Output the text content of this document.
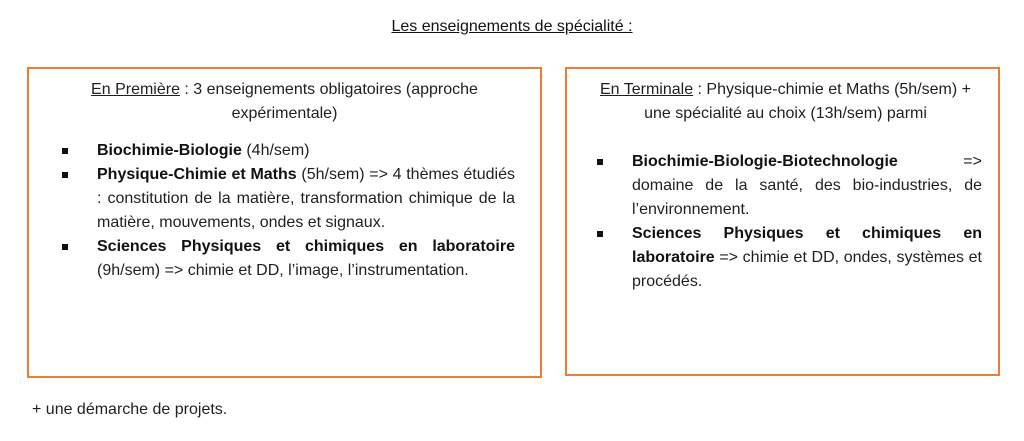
Les enseignements de spécialité :

En Première : 3 enseignements obligatoires (approche expérimentale)

Biochimie-Biologie (4h/sem)
Physique-Chimie et Maths (5h/sem) => 4 thèmes étudiés : constitution de la matière, transformation chimique de la matière, mouvements, ondes et signaux.
Sciences Physiques et chimiques en laboratoire (9h/sem) => chimie et DD, l’image, l’instrumentation.

En Terminale : Physique-chimie et Maths (5h/sem) + une spécialité au choix (13h/sem) parmi

Biochimie-Biologie-Biotechnologie => domaine de la santé, des bio-industries, de l’environnement.
Sciences Physiques et chimiques en laboratoire => chimie et DD, ondes, systèmes et procédés.
+ une démarche de projets.
